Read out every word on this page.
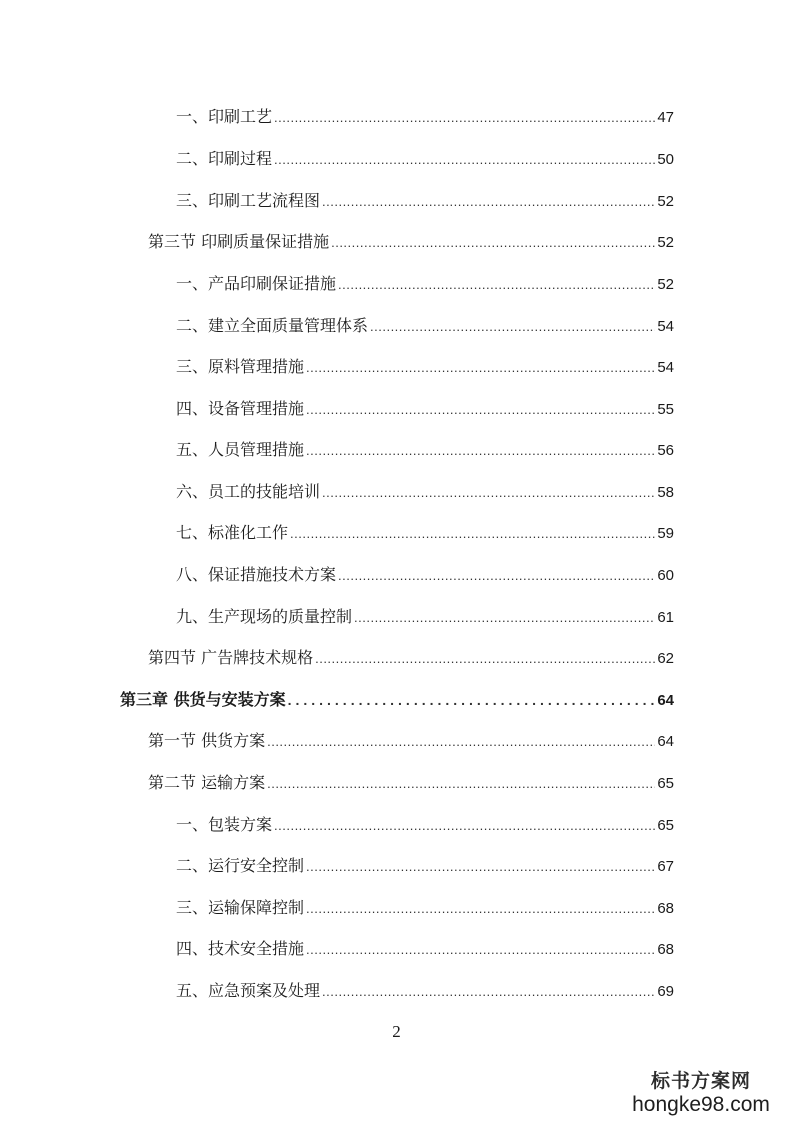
一、印刷工艺 .....	47
二、印刷过程 .....	50
三、印刷工艺流程图 .....	52
第三节 印刷质量保证措施 .....	52
一、产品印刷保证措施 .....	52
二、建立全面质量管理体系 .....	54
三、原料管理措施 .....	54
四、设备管理措施 .....	55
五、人员管理措施 .....	56
六、员工的技能培训 .....	58
七、标准化工作 .....	59
八、保证措施技术方案 .....	60
九、生产现场的质量控制 .....	61
第四节 广告牌技术规格 .....	62
第三章 供货与安装方案 .....	64
第一节 供货方案 .....	64
第二节 运输方案 .....	65
一、包装方案 .....	65
二、运行安全控制 .....	67
三、运输保障控制 .....	68
四、技术安全措施 .....	68
五、应急预案及处理 .....	69
2
标书方案网
hongke98.com
